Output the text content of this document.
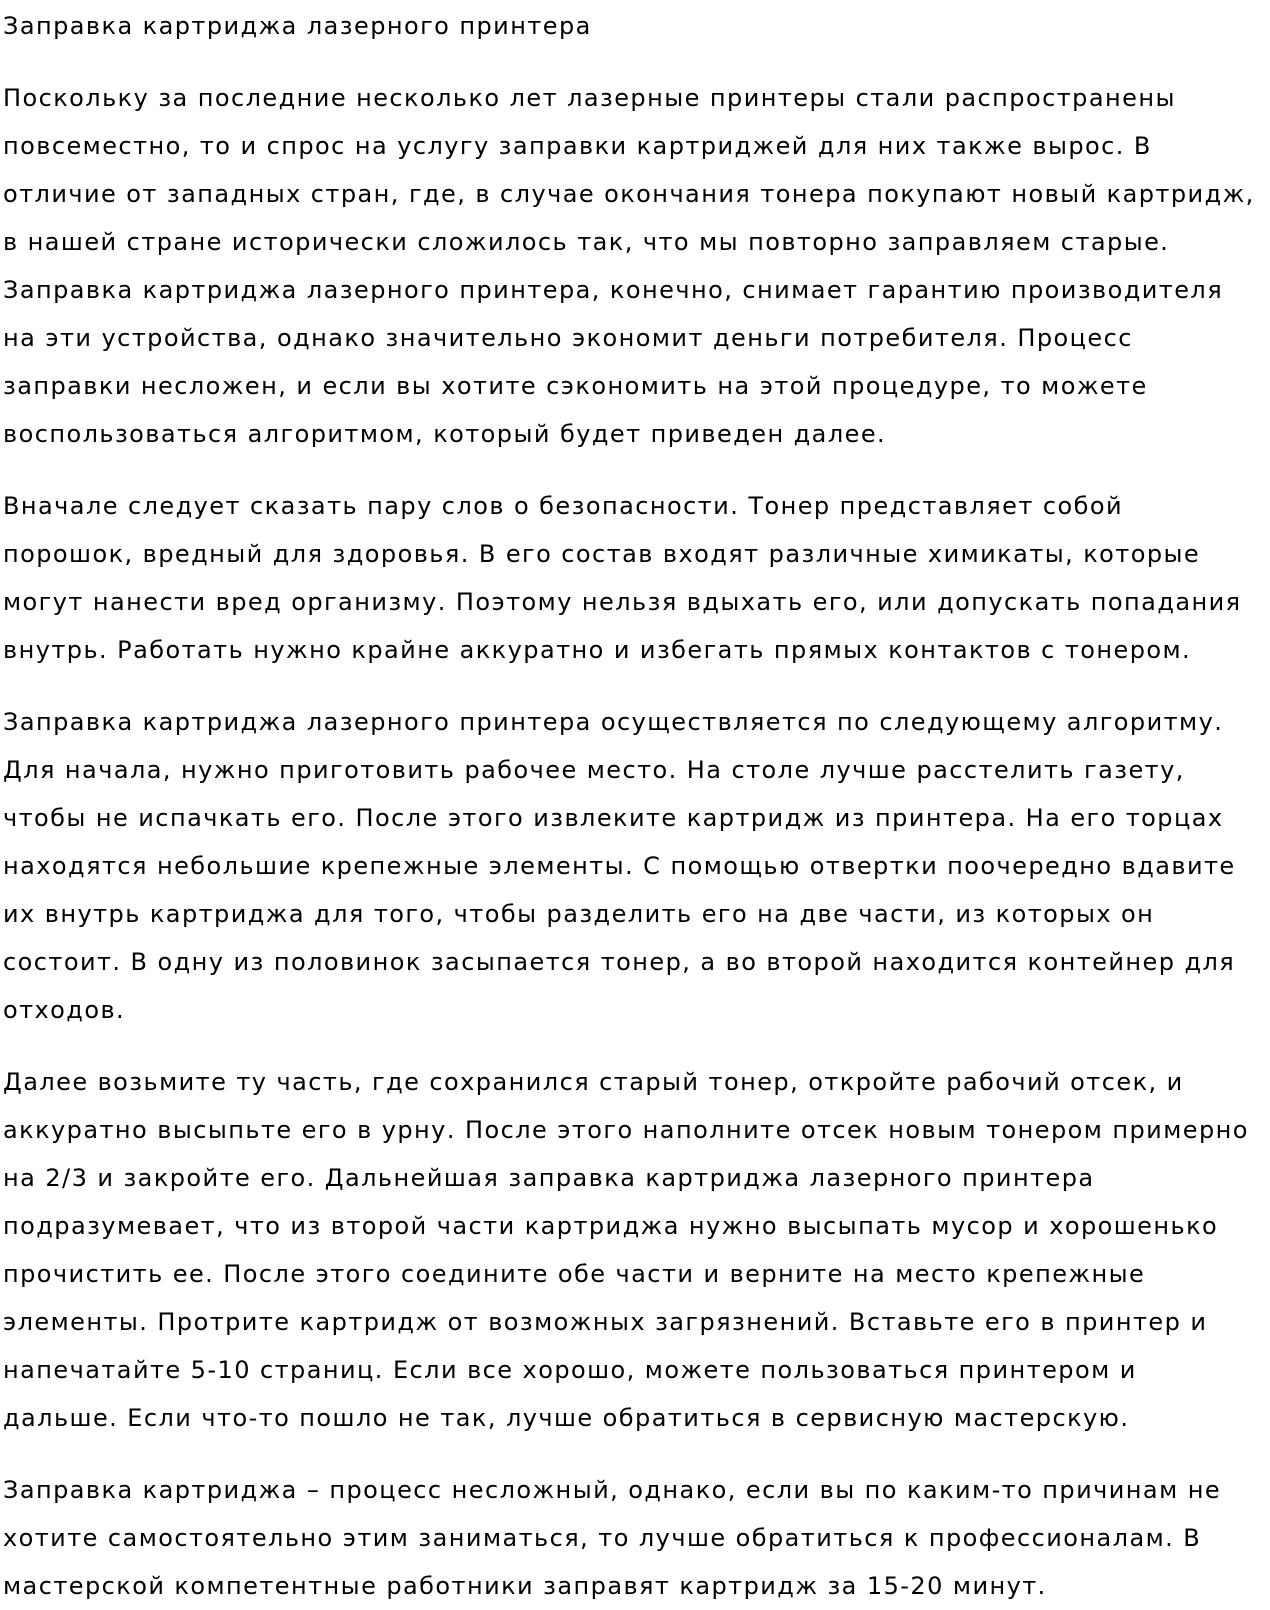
Заправка картриджа лазерного принтера

Поскольку за последние несколько лет лазерные принтеры стали распространены повсеместно, то и спрос на услугу заправки картриджей для них также вырос. В отличие от западных стран, где, в случае окончания тонера покупают новый картридж, в нашей стране исторически сложилось так, что мы повторно заправляем старые. Заправка картриджа лазерного принтера, конечно, снимает гарантию производителя на эти устройства, однако значительно экономит деньги потребителя. Процесс заправки несложен, и если вы хотите сэкономить на этой процедуре, то можете воспользоваться алгоритмом, который будет приведен далее.

Вначале следует сказать пару слов о безопасности. Тонер представляет собой порошок, вредный для здоровья. В его состав входят различные химикаты, которые могут нанести вред организму. Поэтому нельзя вдыхать его, или допускать попадания внутрь. Работать нужно крайне аккуратно и избегать прямых контактов с тонером.

Заправка картриджа лазерного принтера осуществляется по следующему алгоритму. Для начала, нужно приготовить рабочее место. На столе лучше расстелить газету, чтобы не испачкать его. После этого извлеките картридж из принтера. На его торцах находятся небольшие крепежные элементы. С помощью отвертки поочередно вдавите их внутрь картриджа для того, чтобы разделить его на две части, из которых он состоит. В одну из половинок засыпается тонер, а во второй находится контейнер для отходов.

Далее возьмите ту часть, где сохранился старый тонер, откройте рабочий отсек, и аккуратно высыпьте его в урну. После этого наполните отсек новым тонером примерно на 2/3 и закройте его. Дальнейшая заправка картриджа лазерного принтера подразумевает, что из второй части картриджа нужно высыпать мусор и хорошенько прочистить ее. После этого соедините обе части и верните на место крепежные элементы. Протрите картридж от возможных загрязнений. Вставьте его в принтер и напечатайте 5-10 страниц. Если все хорошо, можете пользоваться принтером и дальше. Если что-то пошло не так, лучше обратиться в сервисную мастерскую.

Заправка картриджа – процесс несложный, однако, если вы по каким-то причинам не хотите самостоятельно этим заниматься, то лучше обратиться к профессионалам. В мастерской компетентные работники заправят картридж за 15-20 минут.
